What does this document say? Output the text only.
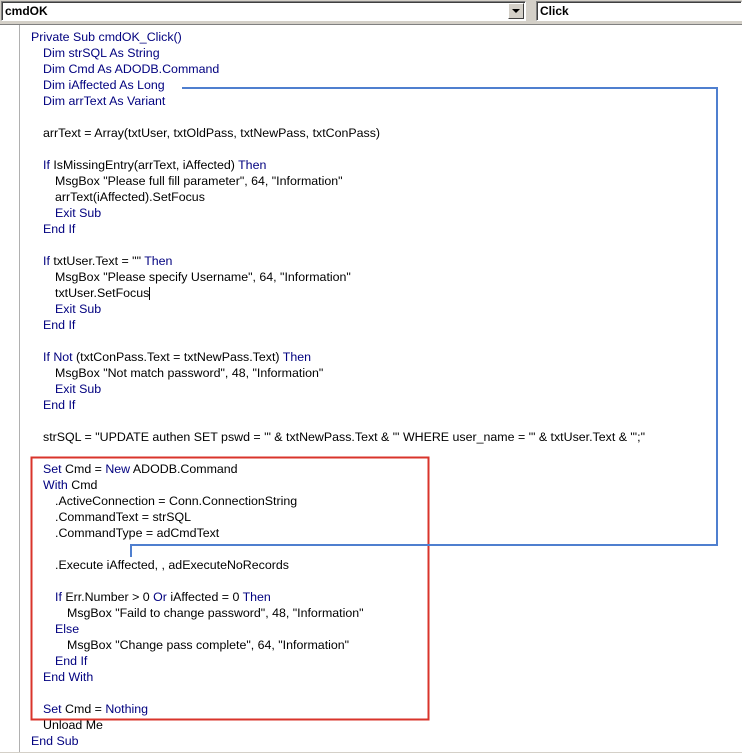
cmdOK	Click
Private Sub cmdOK_Click()
Dim strSQL As String
Dim Cmd As ADODB.Command
Dim iAffected As Long
Dim arrText As Variant
arrText = Array(txtUser, txtOldPass, txtNewPass, txtConPass)
If IsMissingEntry(arrText, iAffected) Then
MsgBox "Please full fill parameter", 64, "Information"
arrText(iAffected).SetFocus
Exit Sub
End If
If txtUser.Text = "" Then
MsgBox "Please specify Username", 64, "Information"
txtUser.SetFocus
Exit Sub
End If
If Not (txtConPass.Text = txtNewPass.Text) Then
MsgBox "Not match password", 48, "Information"
Exit Sub
End If
strSQL = "UPDATE authen SET pswd = '" & txtNewPass.Text & "' WHERE user_name = '" & txtUser.Text & "';"
Set Cmd = New ADODB.Command
With Cmd
.ActiveConnection = Conn.ConnectionString
.CommandText = strSQL
.CommandType = adCmdText
.Execute iAffected, , adExecuteNoRecords
If Err.Number > 0 Or iAffected = 0 Then
MsgBox "Faild to change password", 48, "Information"
Else
MsgBox "Change pass complete", 64, "Information"
End If
End With
Set Cmd = Nothing
Unload Me
End Sub
